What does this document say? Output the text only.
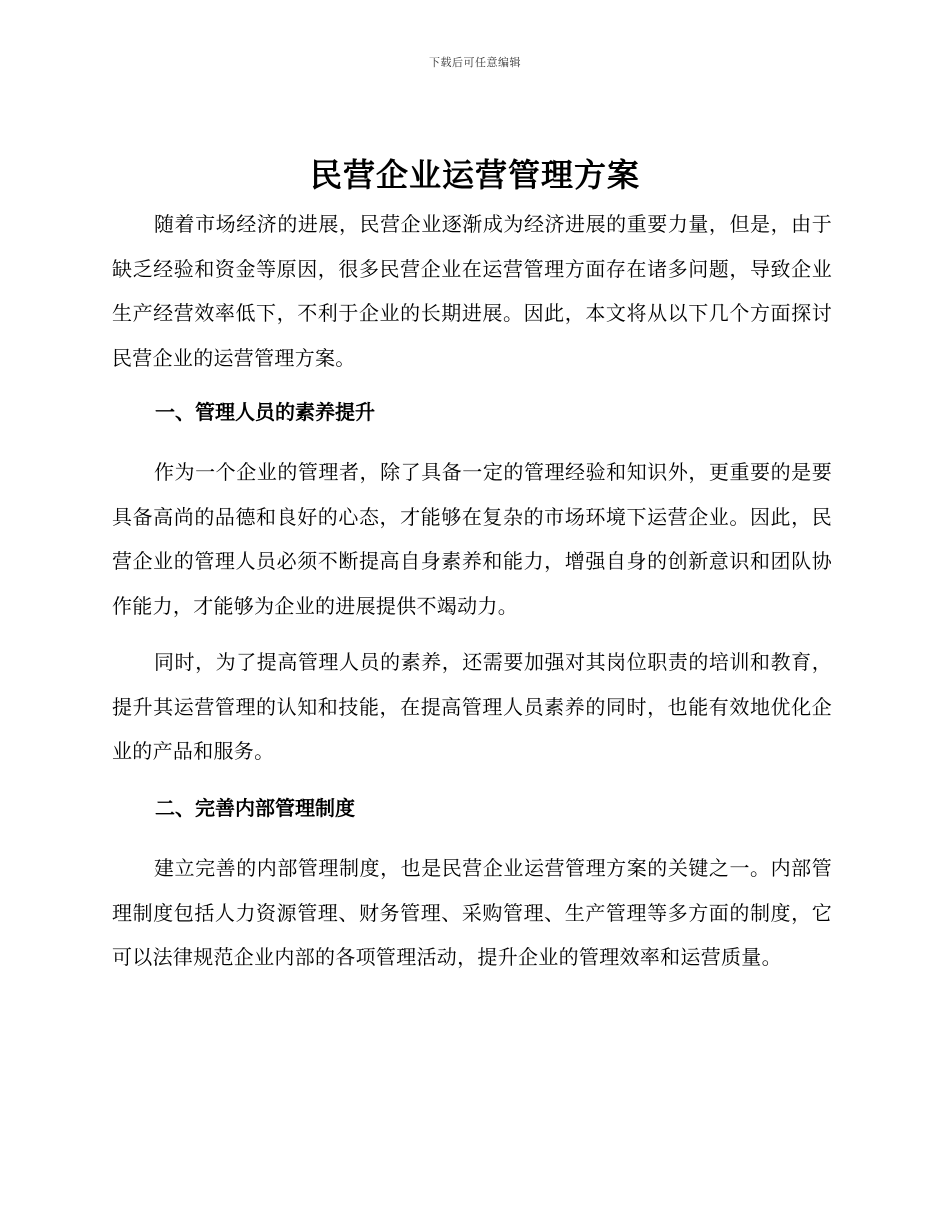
下载后可任意编辑
民营企业运营管理方案

随着市场经济的进展，民营企业逐渐成为经济进展的重要力量，但是，由于缺乏经验和资金等原因，很多民营企业在运营管理方面存在诸多问题，导致企业生产经营效率低下，不利于企业的长期进展。因此，本文将从以下几个方面探讨民营企业的运营管理方案。

一、管理人员的素养提升

作为一个企业的管理者，除了具备一定的管理经验和知识外，更重要的是要具备高尚的品德和良好的心态，才能够在复杂的市场环境下运营企业。因此，民营企业的管理人员必须不断提高自身素养和能力，增强自身的创新意识和团队协作能力，才能够为企业的进展提供不竭动力。

同时，为了提高管理人员的素养，还需要加强对其岗位职责的培训和教育，提升其运营管理的认知和技能，在提高管理人员素养的同时，也能有效地优化企业的产品和服务。

二、完善内部管理制度

建立完善的内部管理制度，也是民营企业运营管理方案的关键之一。内部管理制度包括人力资源管理、财务管理、采购管理、生产管理等多方面的制度，它可以法律规范企业内部的各项管理活动，提升企业的管理效率和运营质量。
